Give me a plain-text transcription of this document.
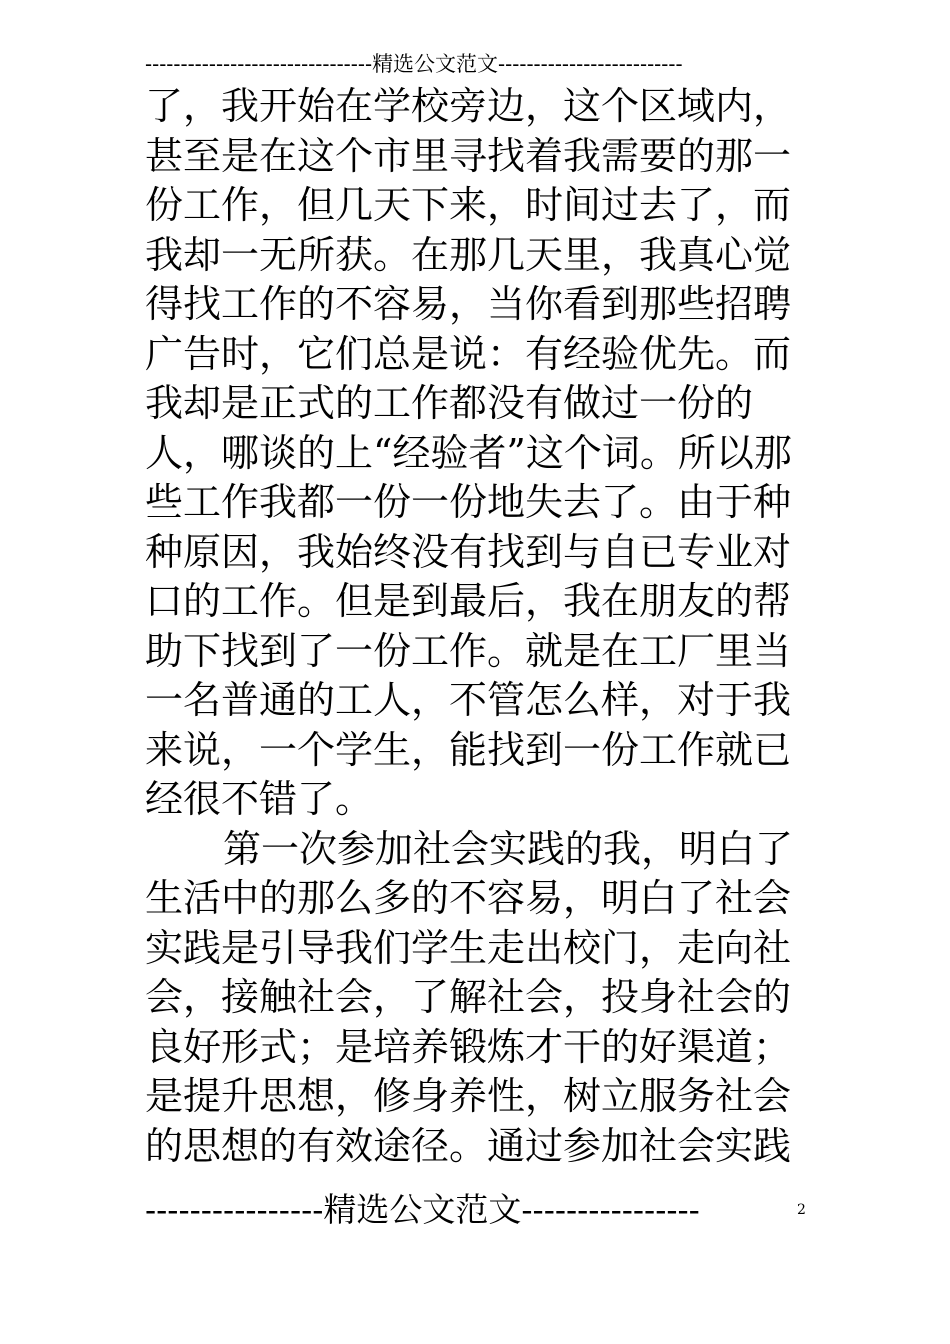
--------------------------------精选公文范文--------------------------
了，我开始在学校旁边，这个区域内，
甚至是在这个市里寻找着我需要的那一
份工作，但几天下来，时间过去了，而
我却一无所获。在那几天里，我真心觉
得找工作的不容易，当你看到那些招聘
广告时，它们总是说：有经验优先。而
我却是正式的工作都没有做过一份的
人，哪谈的上“经验者”这个词。所以那
些工作我都一份一份地失去了。由于种
种原因，我始终没有找到与自已专业对
口的工作。但是到最后，我在朋友的帮
助下找到了一份工作。就是在工厂里当
一名普通的工人，不管怎么样，对于我
来说，一个学生，能找到一份工作就已
经很不错了。
第一次参加社会实践的我，明白了
生活中的那么多的不容易，明白了社会
实践是引导我们学生走出校门，走向社
会，接触社会，了解社会，投身社会的
良好形式；是培养锻炼才干的好渠道；
是提升思想，修身养性，树立服务社会
的思想的有效途径。通过参加社会实践
----------------精选公文范文----------------	2
